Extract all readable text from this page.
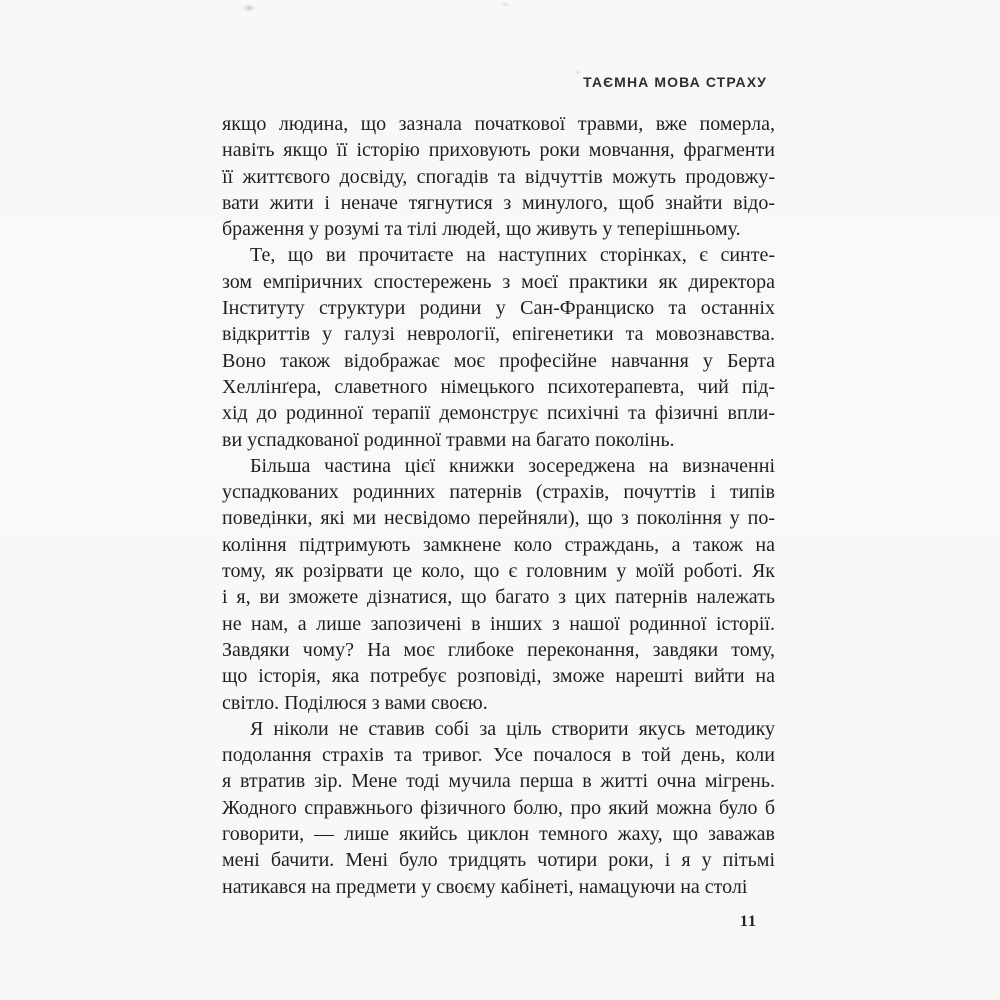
ТАЄМНА МОВА СТРАХУ
якщо людина, що зазнала початкової травми, вже померла,
навіть якщо її історію приховують роки мовчання, фрагменти
її життєвого досвіду, спогадів та відчуттів можуть продовжу-
вати жити і неначе тягнутися з минулого, щоб знайти відо-
браження у розумі та тілі людей, що живуть у теперішньому.
Те, що ви прочитаєте на наступних сторінках, є синте-
зом емпіричних спостережень з моєї практики як директора
Інституту структури родини у Сан-Франциско та останніх
відкриттів у галузі неврології, епігенетики та мовознавства.
Воно також відображає моє професійне навчання у Берта
Хеллінґера, славетного німецького психотерапевта, чий під-
хід до родинної терапії демонструє психічні та фізичні впли-
ви успадкованої родинної травми на багато поколінь.
Більша частина цієї книжки зосереджена на визначенні
успадкованих родинних патернів (страхів, почуттів і типів
поведінки, які ми несвідомо перейняли), що з покоління у по-
коління підтримують замкнене коло страждань, а також на
тому, як розірвати це коло, що є головним у моїй роботі. Як
і я, ви зможете дізнатися, що багато з цих патернів належать
не нам, а лише запозичені в інших з нашої родинної історії.
Завдяки чому? На моє глибоке переконання, завдяки тому,
що історія, яка потребує розповіді, зможе нарешті вийти на
світло. Поділюся з вами своєю.
Я ніколи не ставив собі за ціль створити якусь методику
подолання страхів та тривог. Усе почалося в той день, коли
я втратив зір. Мене тоді мучила перша в житті очна мігрень.
Жодного справжнього фізичного болю, про який можна було б
говорити, — лише якийсь циклон темного жаху, що заважав
мені бачити. Мені було тридцять чотири роки, і я у пітьмі
натикався на предмети у своєму кабінеті, намацуючи на столі
11
